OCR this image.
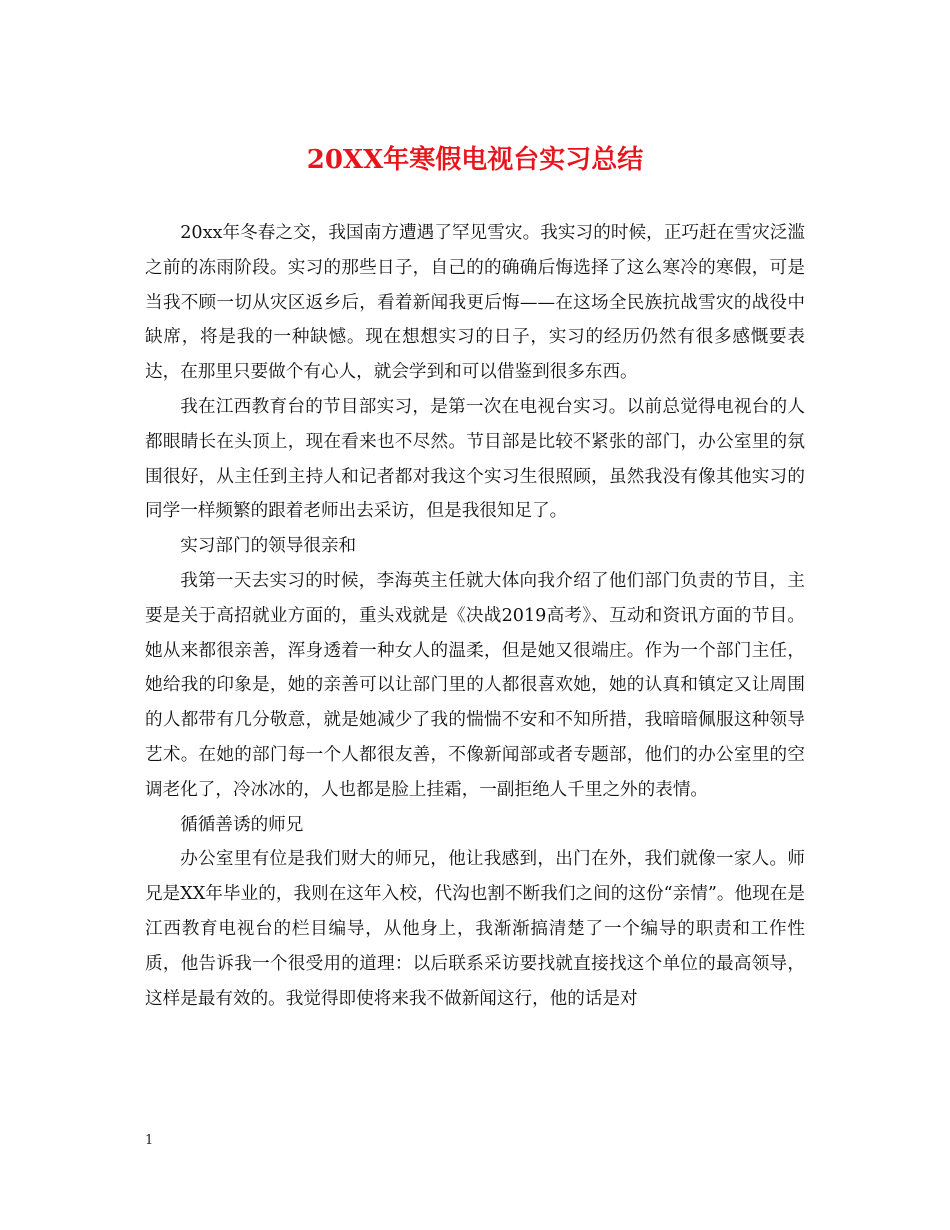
20XX年寒假电视台实习总结

20xx年冬春之交，我国南方遭遇了罕见雪灾。我实习的时候，正巧赶在雪灾泛滥之前的冻雨阶段。实习的那些日子，自己的的确确后悔选择了这么寒冷的寒假，可是当我不顾一切从灾区返乡后，看着新闻我更后悔——在这场全民族抗战雪灾的战役中缺席，将是我的一种缺憾。现在想想实习的日子，实习的经历仍然有很多感慨要表达，在那里只要做个有心人，就会学到和可以借鉴到很多东西。

我在江西教育台的节目部实习，是第一次在电视台实习。以前总觉得电视台的人都眼睛长在头顶上，现在看来也不尽然。节目部是比较不紧张的部门，办公室里的氛围很好，从主任到主持人和记者都对我这个实习生很照顾，虽然我没有像其他实习的同学一样频繁的跟着老师出去采访，但是我很知足了。

实习部门的领导很亲和

我第一天去实习的时候，李海英主任就大体向我介绍了他们部门负责的节目，主要是关于高招就业方面的，重头戏就是《决战2019高考》、互动和资讯方面的节目。她从来都很亲善，浑身透着一种女人的温柔，但是她又很端庄。作为一个部门主任，她给我的印象是，她的亲善可以让部门里的人都很喜欢她，她的认真和镇定又让周围的人都带有几分敬意，就是她减少了我的惴惴不安和不知所措，我暗暗佩服这种领导艺术。在她的部门每一个人都很友善，不像新闻部或者专题部，他们的办公室里的空调老化了，冷冰冰的，人也都是脸上挂霜，一副拒绝人千里之外的表情。

循循善诱的师兄

办公室里有位是我们财大的师兄，他让我感到，出门在外，我们就像一家人。师兄是XX年毕业的，我则在这年入校，代沟也割不断我们之间的这份“亲情”。他现在是江西教育电视台的栏目编导，从他身上，我渐渐搞清楚了一个编导的职责和工作性质，他告诉我一个很受用的道理：以后联系采访要找就直接找这个单位的最高领导，这样是最有效的。我觉得即使将来我不做新闻这行，他的话是对

1
